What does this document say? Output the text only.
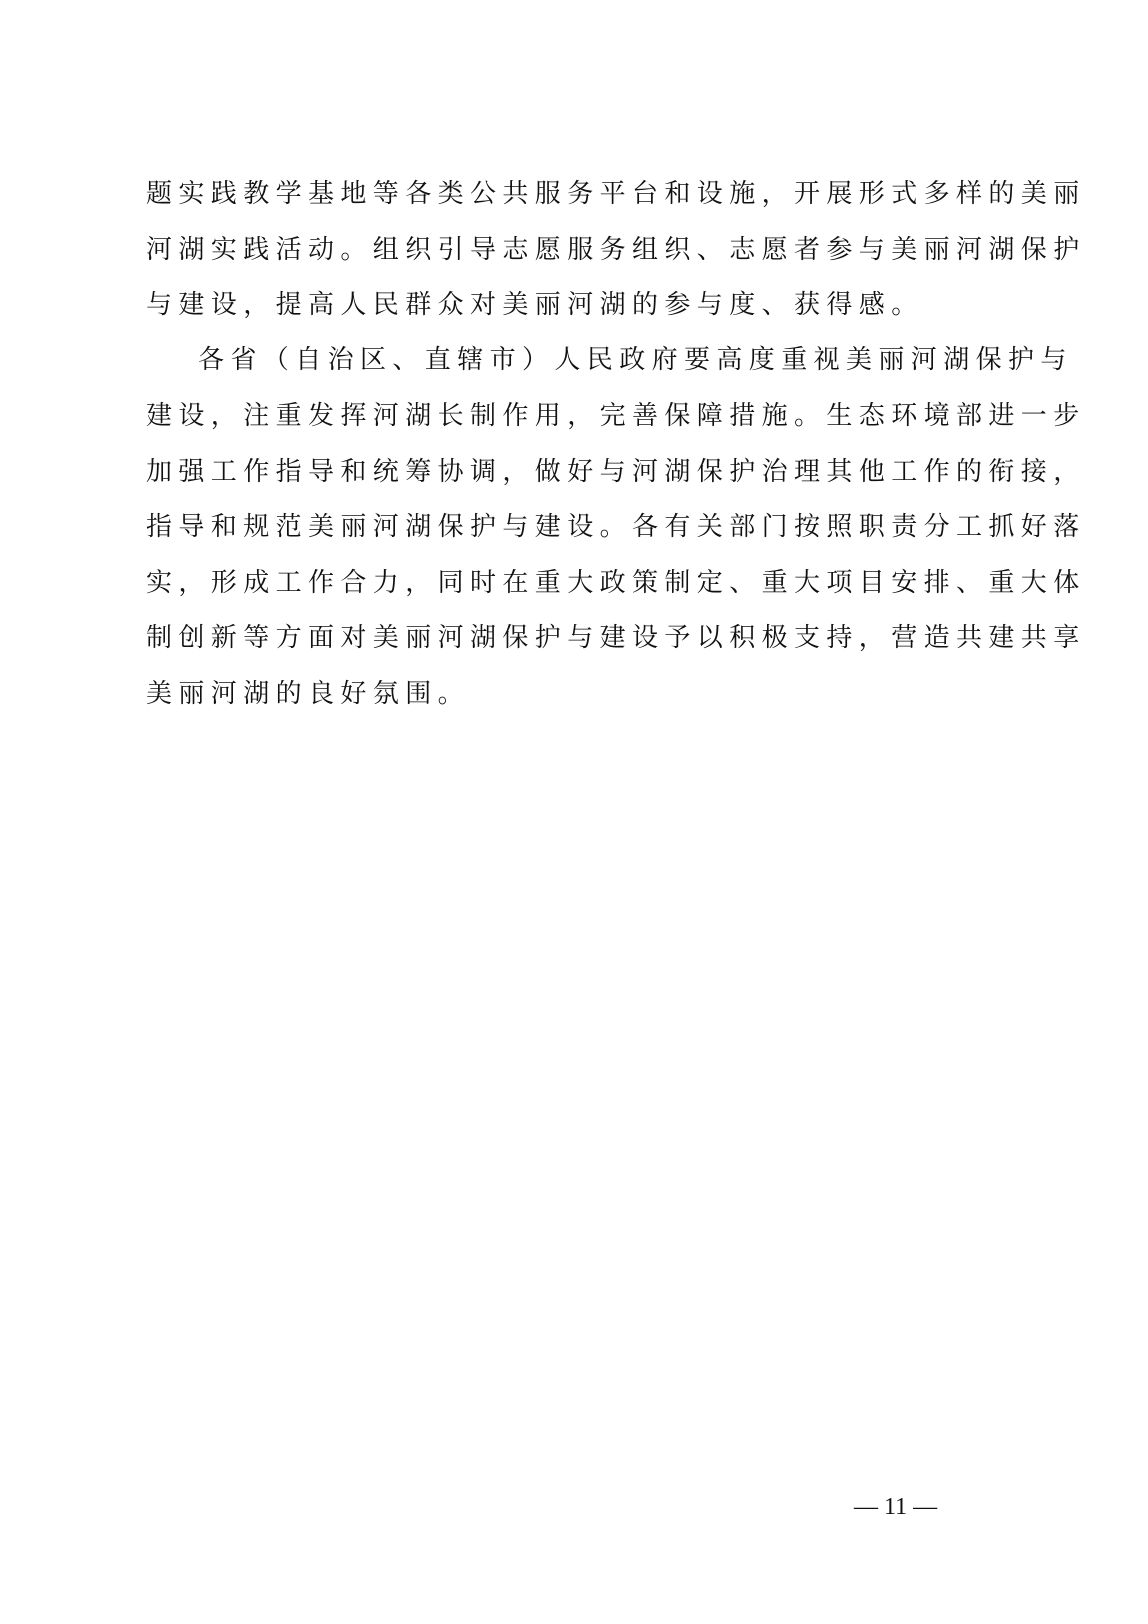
题实践教学基地等各类公共服务平台和设施，开展形式多样的美丽
河湖实践活动。组织引导志愿服务组织、志愿者参与美丽河湖保护
与建设，提高人民群众对美丽河湖的参与度、获得感。
各省（自治区、直辖市）人民政府要高度重视美丽河湖保护与
建设，注重发挥河湖长制作用，完善保障措施。生态环境部进一步
加强工作指导和统筹协调，做好与河湖保护治理其他工作的衔接，
指导和规范美丽河湖保护与建设。各有关部门按照职责分工抓好落
实，形成工作合力，同时在重大政策制定、重大项目安排、重大体
制创新等方面对美丽河湖保护与建设予以积极支持，营造共建共享
美丽河湖的良好氛围。
— 11 —
